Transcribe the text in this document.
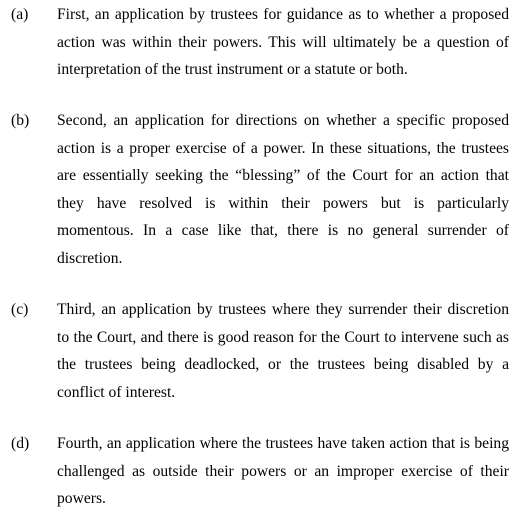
(a) First, an application by trustees for guidance as to whether a proposed
action was within their powers. This will ultimately be a question of
interpretation of the trust instrument or a statute or both.
(b) Second, an application for directions on whether a specific proposed
action is a proper exercise of a power. In these situations, the trustees
are essentially seeking the “blessing” of the Court for an action that
they have resolved is within their powers but is particularly
momentous. In a case like that, there is no general surrender of
discretion.
(c) Third, an application by trustees where they surrender their discretion
to the Court, and there is good reason for the Court to intervene such as
the trustees being deadlocked, or the trustees being disabled by a
conflict of interest.
(d) Fourth, an application where the trustees have taken action that is being
challenged as outside their powers or an improper exercise of their
powers.
